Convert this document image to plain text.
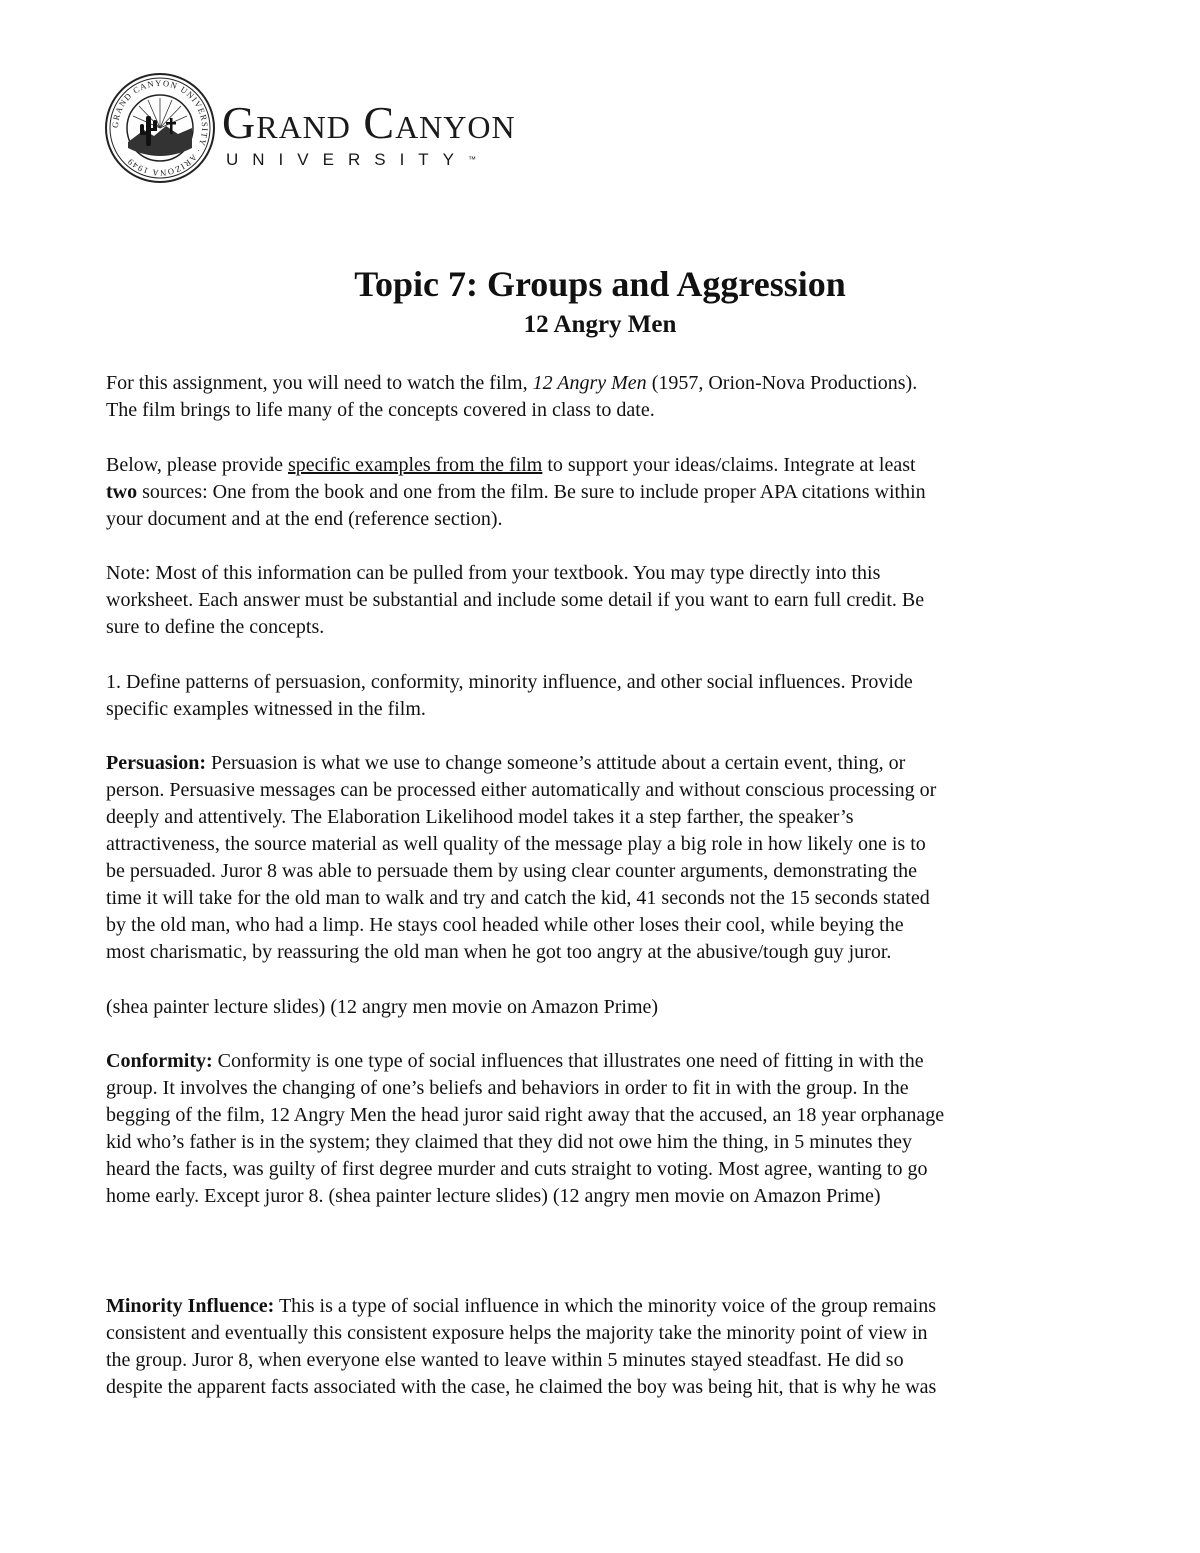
GRAND CANYON UNIVERSITY · ARIZONA 1949
Grand Canyon
UNIVERSITY™
Topic 7: Groups and Aggression
12 Angry Men
For this assignment, you will need to watch the film, 12 Angry Men (1957, Orion-Nova Productions).
The film brings to life many of the concepts covered in class to date.
Below, please provide specific examples from the film to support your ideas/claims. Integrate at least
two sources: One from the book and one from the film. Be sure to include proper APA citations within
your document and at the end (reference section).
Note: Most of this information can be pulled from your textbook. You may type directly into this
worksheet. Each answer must be substantial and include some detail if you want to earn full credit. Be
sure to define the concepts.
1. Define patterns of persuasion, conformity, minority influence, and other social influences. Provide
specific examples witnessed in the film.
Persuasion: Persuasion is what we use to change someone’s attitude about a certain event, thing, or
person. Persuasive messages can be processed either automatically and without conscious processing or
deeply and attentively. The Elaboration Likelihood model takes it a step farther, the speaker’s
attractiveness, the source material as well quality of the message play a big role in how likely one is to
be persuaded. Juror 8 was able to persuade them by using clear counter arguments, demonstrating the
time it will take for the old man to walk and try and catch the kid, 41 seconds not the 15 seconds stated
by the old man, who had a limp. He stays cool headed while other loses their cool, while beying the
most charismatic, by reassuring the old man when he got too angry at the abusive/tough guy juror.
(shea painter lecture slides) (12 angry men movie on Amazon Prime)
Conformity: Conformity is one type of social influences that illustrates one need of fitting in with the
group. It involves the changing of one’s beliefs and behaviors in order to fit in with the group. In the
begging of the film, 12 Angry Men the head juror said right away that the accused, an 18 year orphanage
kid who’s father is in the system; they claimed that they did not owe him the thing, in 5 minutes they
heard the facts, was guilty of first degree murder and cuts straight to voting. Most agree, wanting to go
home early. Except juror 8. (shea painter lecture slides) (12 angry men movie on Amazon Prime)
Minority Influence: This is a type of social influence in which the minority voice of the group remains
consistent and eventually this consistent exposure helps the majority take the minority point of view in
the group. Juror 8, when everyone else wanted to leave within 5 minutes stayed steadfast. He did so
despite the apparent facts associated with the case, he claimed the boy was being hit, that is why he was
